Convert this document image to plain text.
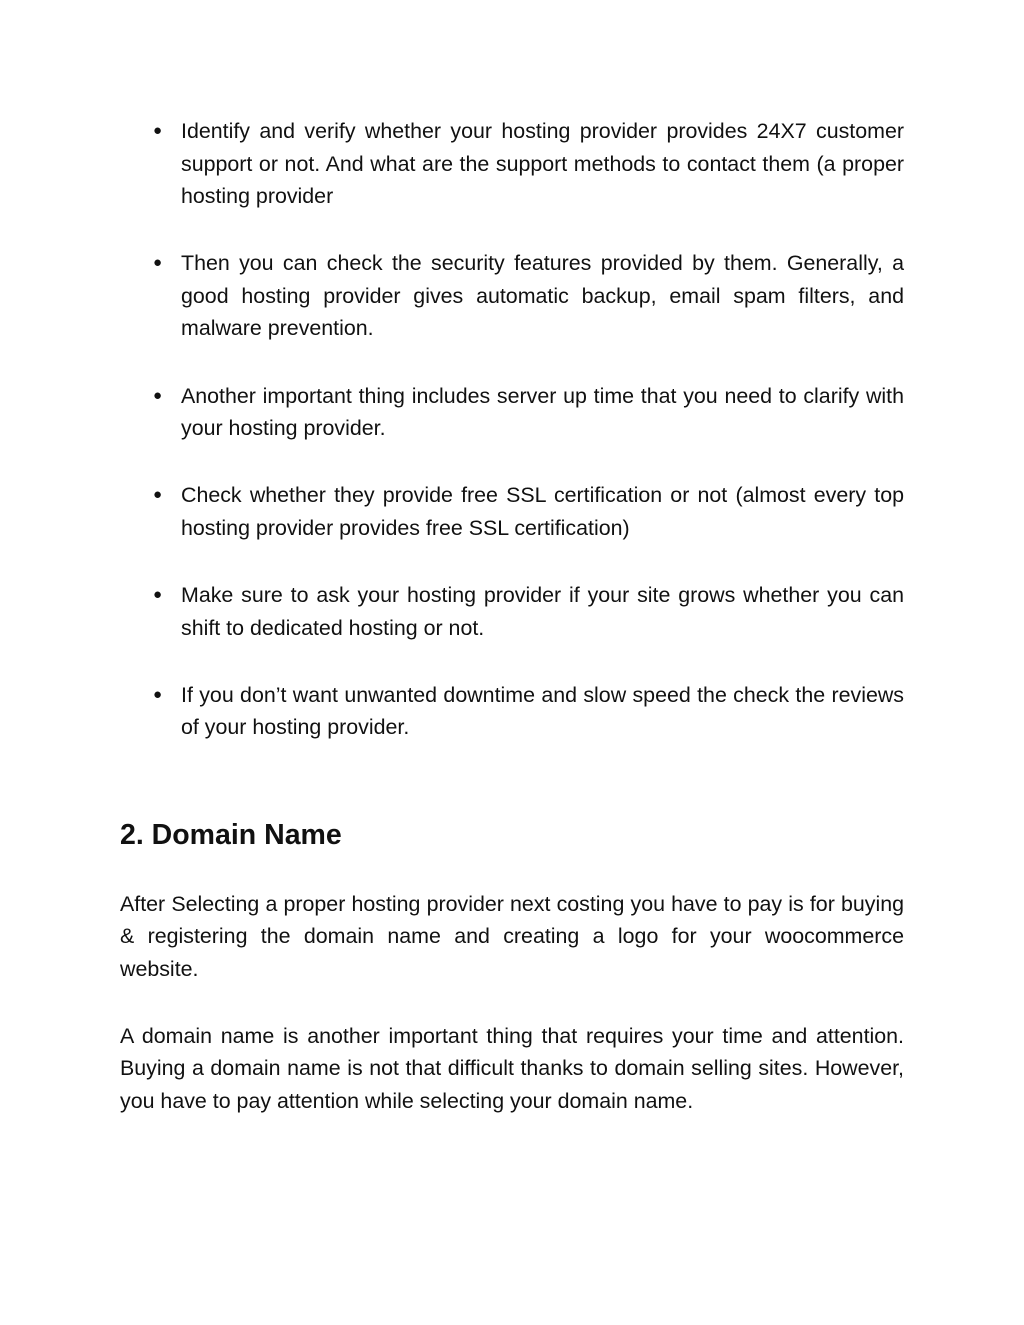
● Identify and verify whether your hosting provider provides 24X7 customer support or not. And what are the support methods to contact them (a proper hosting provider
● Then you can check the security features provided by them. Generally, a good hosting provider gives automatic backup, email spam filters, and malware prevention.
● Another important thing includes server up time that you need to clarify with your hosting provider.
● Check whether they provide free SSL certification or not (almost every top hosting provider provides free SSL certification)
● Make sure to ask your hosting provider if your site grows whether you can shift to dedicated hosting or not.
● If you don’t want unwanted downtime and slow speed the check the reviews of your hosting provider.
2. Domain Name

After Selecting a proper hosting provider next costing you have to pay is for buying & registering the domain name and creating a logo for your woocommerce website.

A domain name is another important thing that requires your time and attention. Buying a domain name is not that difficult thanks to domain selling sites. However, you have to pay attention while selecting your domain name.
